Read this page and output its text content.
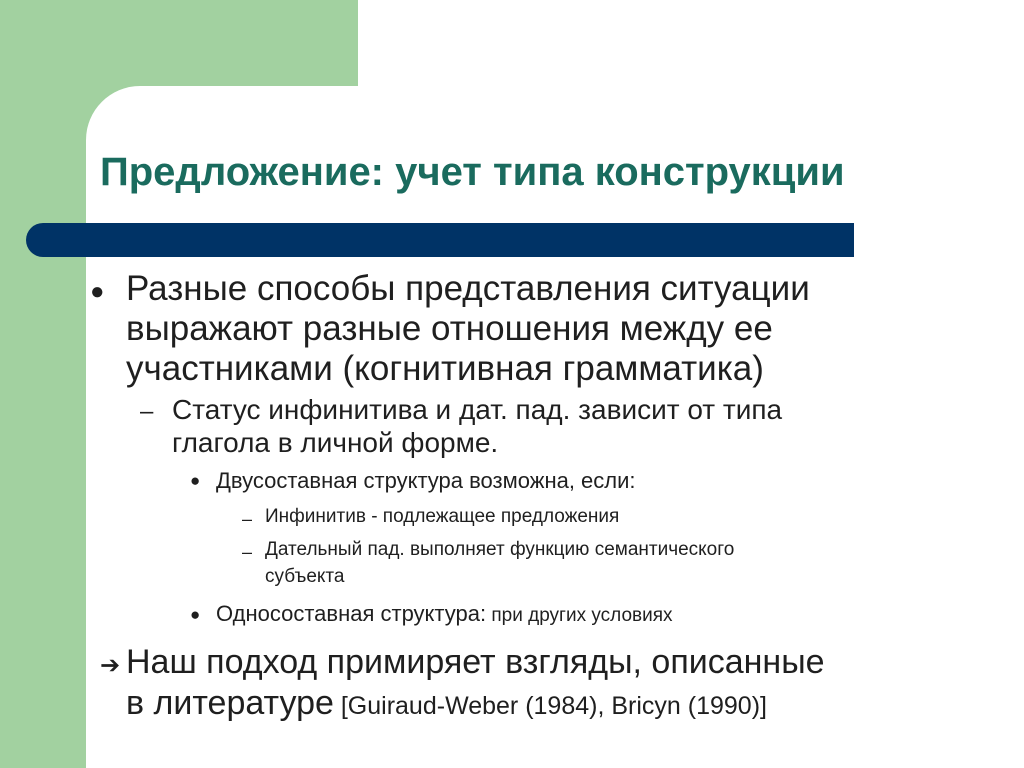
Предложение: учет типа конструкции
● Разные способы представления ситуации
выражают разные отношения между ее
участниками (когнитивная грамматика)
– Статус инфинитива и дат. пад. зависит от типа
глагола в личной форме.
● Двусоставная структура возможна, если:
– Инфинитив - подлежащее предложения
– Дательный пад. выполняет функцию семантического
субъекта
● Односоставная структура: при других условиях
➔ Наш подход примиряет взгляды, описанные
в литературе [Guiraud-Weber (1984), Bricyn (1990)]
